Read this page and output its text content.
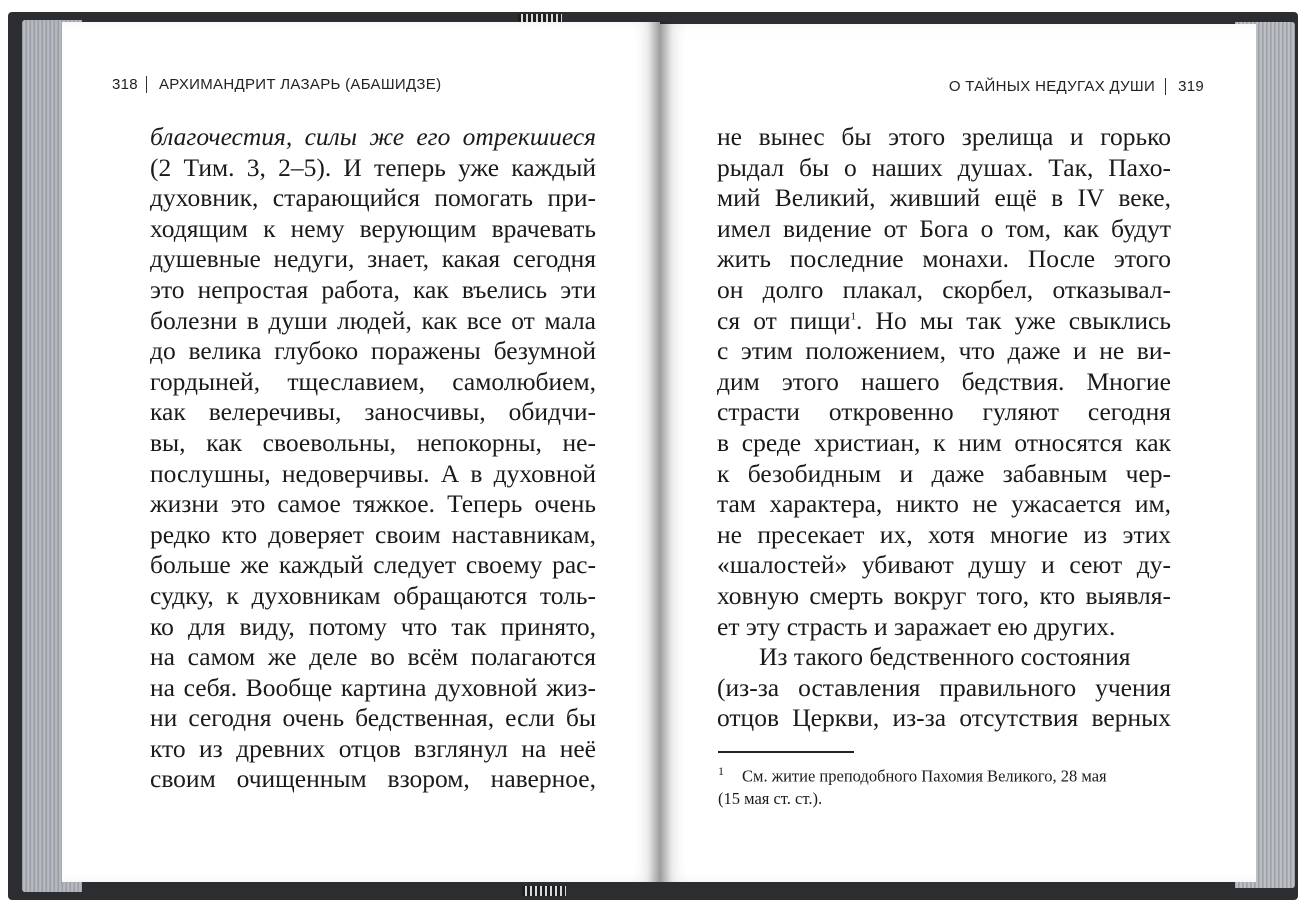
318 АРХИМАНДРИТ ЛАЗАРЬ (АБАШИДЗЕ)
благочестия, силы же его отрекшиеся
(2 Тим. 3, 2–5). И теперь уже каждый
духовник, старающийся помогать при-
ходящим к нему верующим врачевать
душевные недуги, знает, какая сегодня
это непростая работа, как въелись эти
болезни в души людей, как все от мала
до велика глубоко поражены безумной
гордыней, тщеславием, самолюбием,
как велеречивы, заносчивы, обидчи-
вы, как своевольны, непокорны, не-
послушны, недоверчивы. А в духовной
жизни это самое тяжкое. Теперь очень
редко кто доверяет своим наставникам,
больше же каждый следует своему рас-
судку, к духовникам обращаются толь-
ко для виду, потому что так принято,
на самом же деле во всём полагаются
на себя. Вообще картина духовной жиз-
ни сегодня очень бедственная, если бы
кто из древних отцов взглянул на неё
своим очищенным взором, наверное,
О ТАЙНЫХ НЕДУГАХ ДУШИ 319
не вынес бы этого зрелища и горько
рыдал бы о наших душах. Так, Пахо-
мий Великий, живший ещё в IV веке,
имел видение от Бога о том, как будут
жить последние монахи. После этого
он долго плакал, скорбел, отказывал-
ся от пищи$^1$. Но мы так уже свыклись
с этим положением, что даже и не ви-
дим этого нашего бедствия. Многие
страсти откровенно гуляют сегодня
в среде христиан, к ним относятся как
к безобидным и даже забавным чер-
там характера, никто не ужасается им,
не пресекает их, хотя многие из этих
«шалостей» убивают душу и сеют ду-
ховную смерть вокруг того, кто выявля-
ет эту страсть и заражает ею других.
Из такого бедственного состояния
(из-за оставления правильного учения
отцов Церкви, из-за отсутствия верных
$^1$ См. житие преподобного Пахомия Великого, 28 мая
(15 мая ст. ст.).
